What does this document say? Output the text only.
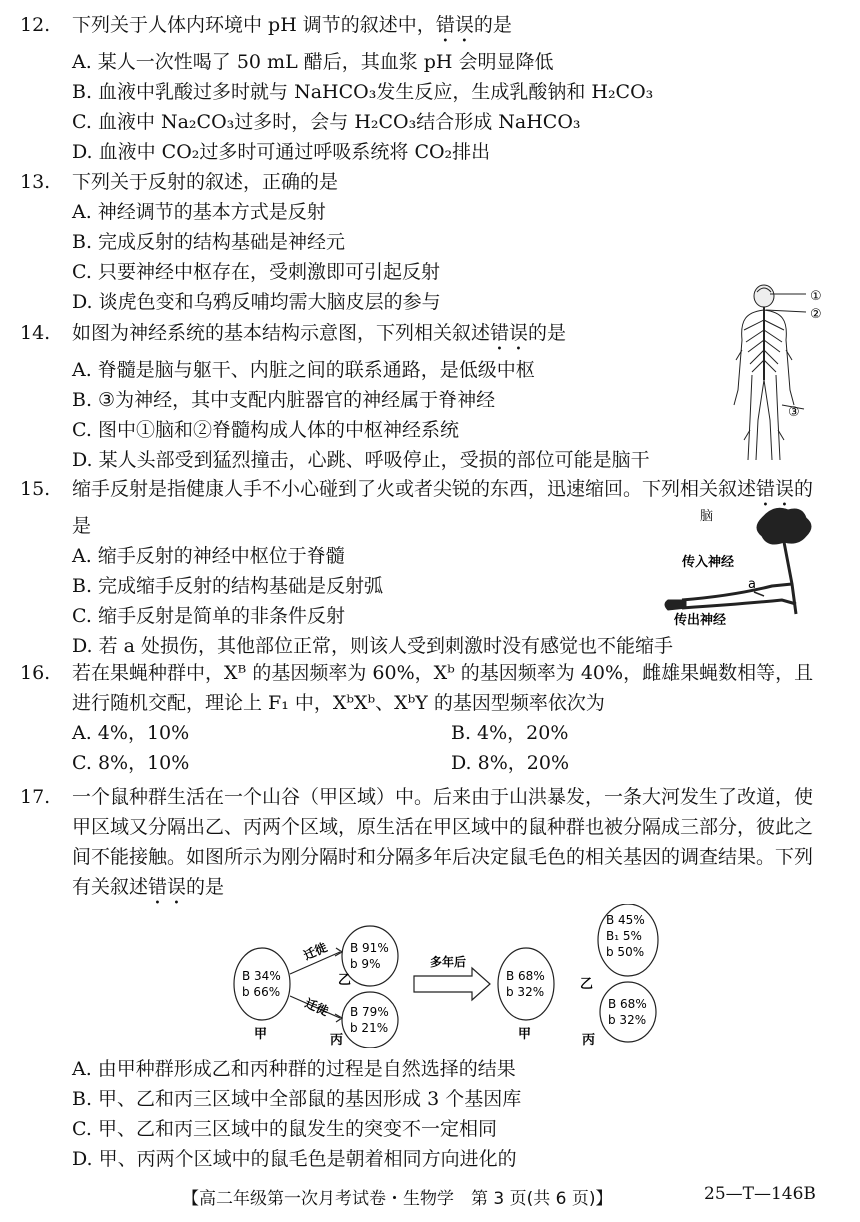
12. 下列关于人体内环境中 pH 调节的叙述中，错误的是
A. 某人一次性喝了 50 mL 醋后，其血浆 pH 会明显降低
B. 血液中乳酸过多时就与 NaHCO₃发生反应，生成乳酸钠和 H₂CO₃
C. 血液中 Na₂CO₃过多时，会与 H₂CO₃结合形成 NaHCO₃
D. 血液中 CO₂过多时可通过呼吸系统将 CO₂排出
13. 下列关于反射的叙述，正确的是
A. 神经调节的基本方式是反射
B. 完成反射的结构基础是神经元
C. 只要神经中枢存在，受刺激即可引起反射
D. 谈虎色变和乌鸦反哺均需大脑皮层的参与
14. 如图为神经系统的基本结构示意图，下列相关叙述错误的是
A. 脊髓是脑与躯干、内脏之间的联系通路，是低级中枢
B. ③为神经，其中支配内脏器官的神经属于脊神经
C. 图中①脑和②脊髓构成人体的中枢神经系统
D. 某人头部受到猛烈撞击，心跳、呼吸停止，受损的部位可能是脑干
①
②
③
15. 缩手反射是指健康人手不小心碰到了火或者尖锐的东西，迅速缩回。下列相关叙述错误的是
A. 缩手反射的神经中枢位于脊髓
B. 完成缩手反射的结构基础是反射弧
C. 缩手反射是简单的非条件反射
D. 若 a 处损伤，其他部位正常，则该人受到刺激时没有感觉也不能缩手
脑
传入神经
a
传出神经
16. 若在果蝇种群中，Xᴮ 的基因频率为 60%，Xᵇ 的基因频率为 40%，雌雄果蝇数相等，且进行随机交配，理论上 F₁ 中，XᵇXᵇ、XᵇY 的基因型频率依次为
A. 4%，10%	B. 4%，20%
C. 8%，10%	D. 8%，20%
17. 一个鼠种群生活在一个山谷（甲区域）中。后来由于山洪暴发，一条大河发生了改道，使甲区域又分隔出乙、丙两个区域，原生活在甲区域中的鼠种群也被分隔成三部分，彼此之间不能接触。如图所示为刚分隔时和分隔多年后决定鼠毛色的相关基因的调查结果。下列有关叙述错误的是
B 34%
b 66%
B 91%
b 9%
B 79%
b 21%
B 68%
b 32%
B 45%
B₁ 5%
b 50%
B 68%
b 32%
甲
乙
丙	甲
乙
丙
迁徙
迁徙
多年后
A. 由甲种群形成乙和丙种群的过程是自然选择的结果
B. 甲、乙和丙三区域中全部鼠的基因形成 3 个基因库
C. 甲、乙和丙三区域中的鼠发生的突变不一定相同
D. 甲、丙两个区域中的鼠毛色是朝着相同方向进化的
【高二年级第一次月考试卷・生物学　第 3 页(共 6 页)】	25—T—146B
